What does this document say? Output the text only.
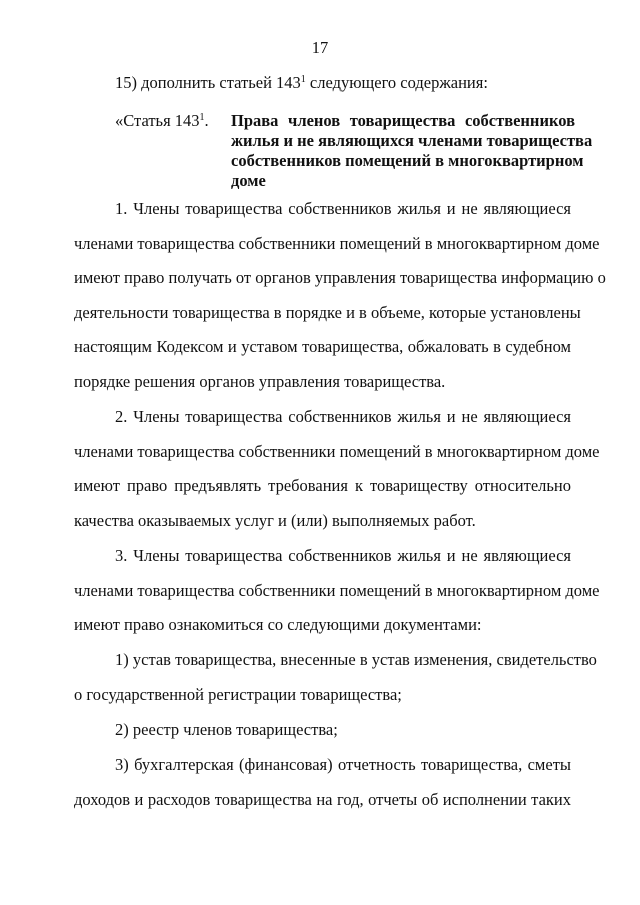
17
15) дополнить статьей $143^1$ следующего содержания:
«Статья $143^1$. Права членов товарищества собственников
жилья и не являющихся членами товарищества
собственников помещений в многоквартирном
доме
1. Члены товарищества собственников жилья и не являющиеся
членами товарищества собственники помещений в многоквартирном доме
имеют право получать от органов управления товарищества информацию о
деятельности товарищества в порядке и в объеме, которые установлены
настоящим Кодексом и уставом товарищества, обжаловать в судебном
порядке решения органов управления товарищества.
2. Члены товарищества собственников жилья и не являющиеся
членами товарищества собственники помещений в многоквартирном доме
имеют право предъявлять требования к товариществу относительно
качества оказываемых услуг и (или) выполняемых работ.
3. Члены товарищества собственников жилья и не являющиеся
членами товарищества собственники помещений в многоквартирном доме
имеют право ознакомиться со следующими документами:
1) устав товарищества, внесенные в устав изменения, свидетельство
о государственной регистрации товарищества;
2) реестр членов товарищества;
3) бухгалтерская (финансовая) отчетность товарищества, сметы
доходов и расходов товарищества на год, отчеты об исполнении таких
